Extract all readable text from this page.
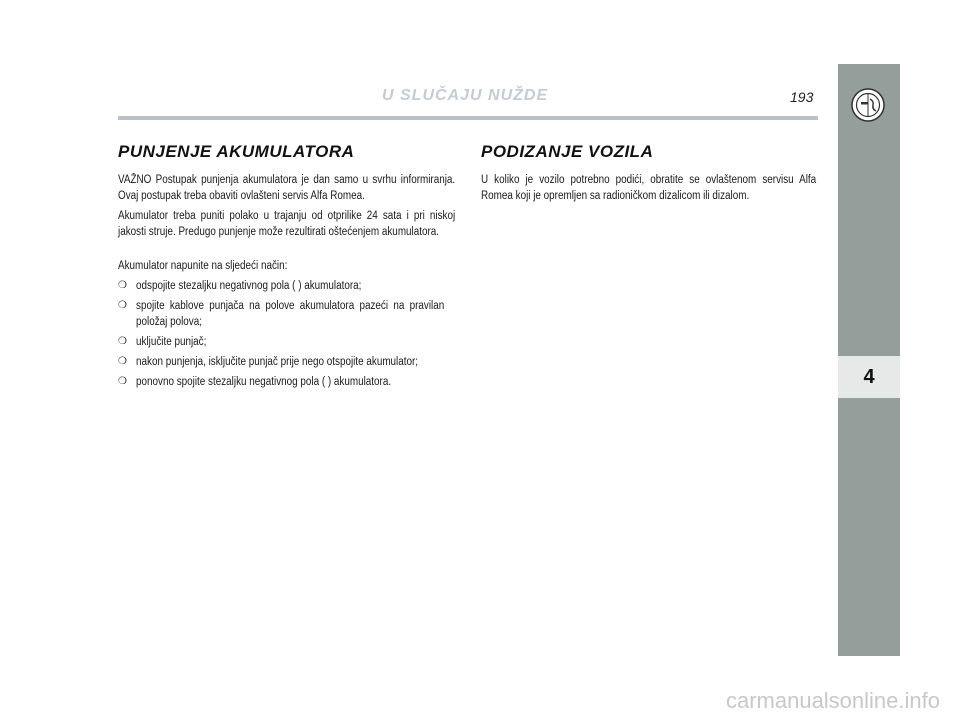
U SLUČAJU NUŽDE	193
4
PUNJENJE AKUMULATORA

VAŽNO Postupak punjenja akumulatora je dan samo u svrhu informiranja. Ovaj postupak treba obaviti ovlašteni servis Alfa Romea.

Akumulator treba puniti polako u trajanju od otprilike 24 sata i pri niskoj jakosti struje. Predugo punjenje može rezultirati oštećenjem akumulatora.

Akumulator napunite na sljedeći način:

❍ odspojite stezaljku negativnog pola ( ) akumulatora;
❍ spojite kablove punjača na polove akumulatora pazeći na pravilan položaj polova;
❍ uključite punjač;
❍ nakon punjenja, isključite punjač prije nego otspojite akumulator;
❍ ponovno spojite stezaljku negativnog pola ( ) akumulatora.
PODIZANJE VOZILA

U koliko je vozilo potrebno podići, obratite se ovlaštenom servisu Alfa Romea koji je opremljen sa radioničkom dizalicom ili dizalom.

carmanualsonline.info
